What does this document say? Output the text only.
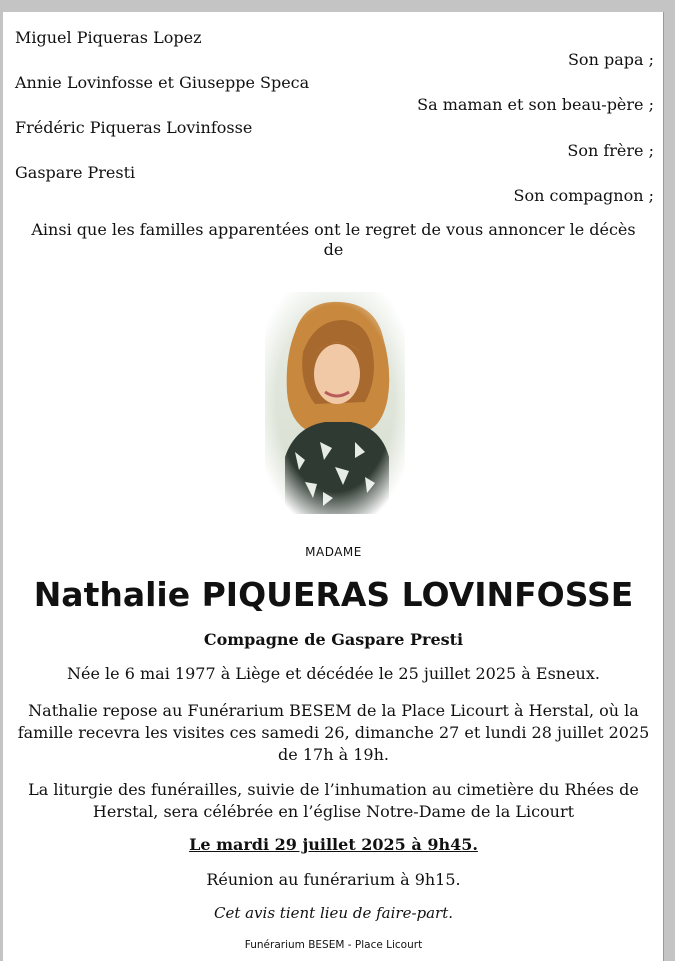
Miguel Piqueras Lopez
Son papa ;
Annie Lovinfosse et Giuseppe Speca
Sa maman et son beau-père ;
Frédéric Piqueras Lovinfosse
Son frère ;
Gaspare Presti
Son compagnon ;
Ainsi que les familles apparentées ont le regret de vous annoncer le décès de
MADAME
Nathalie PIQUERAS LOVINFOSSE
Compagne de Gaspare Presti
Née le 6 mai 1977 à Liège et décédée le 25 juillet 2025 à Esneux.
Nathalie repose au Funérarium BESEM de la Place Licourt à Herstal, où la famille recevra les visites ces samedi 26, dimanche 27 et lundi 28 juillet 2025 de 17h à 19h.
La liturgie des funérailles, suivie de l’inhumation au cimetière du Rhées de Herstal, sera célébrée en l’église Notre-Dame de la Licourt
Le mardi 29 juillet 2025 à 9h45.
Réunion au funérarium à 9h15.
Cet avis tient lieu de faire-part.
Funérarium BESEM - Place Licourt
